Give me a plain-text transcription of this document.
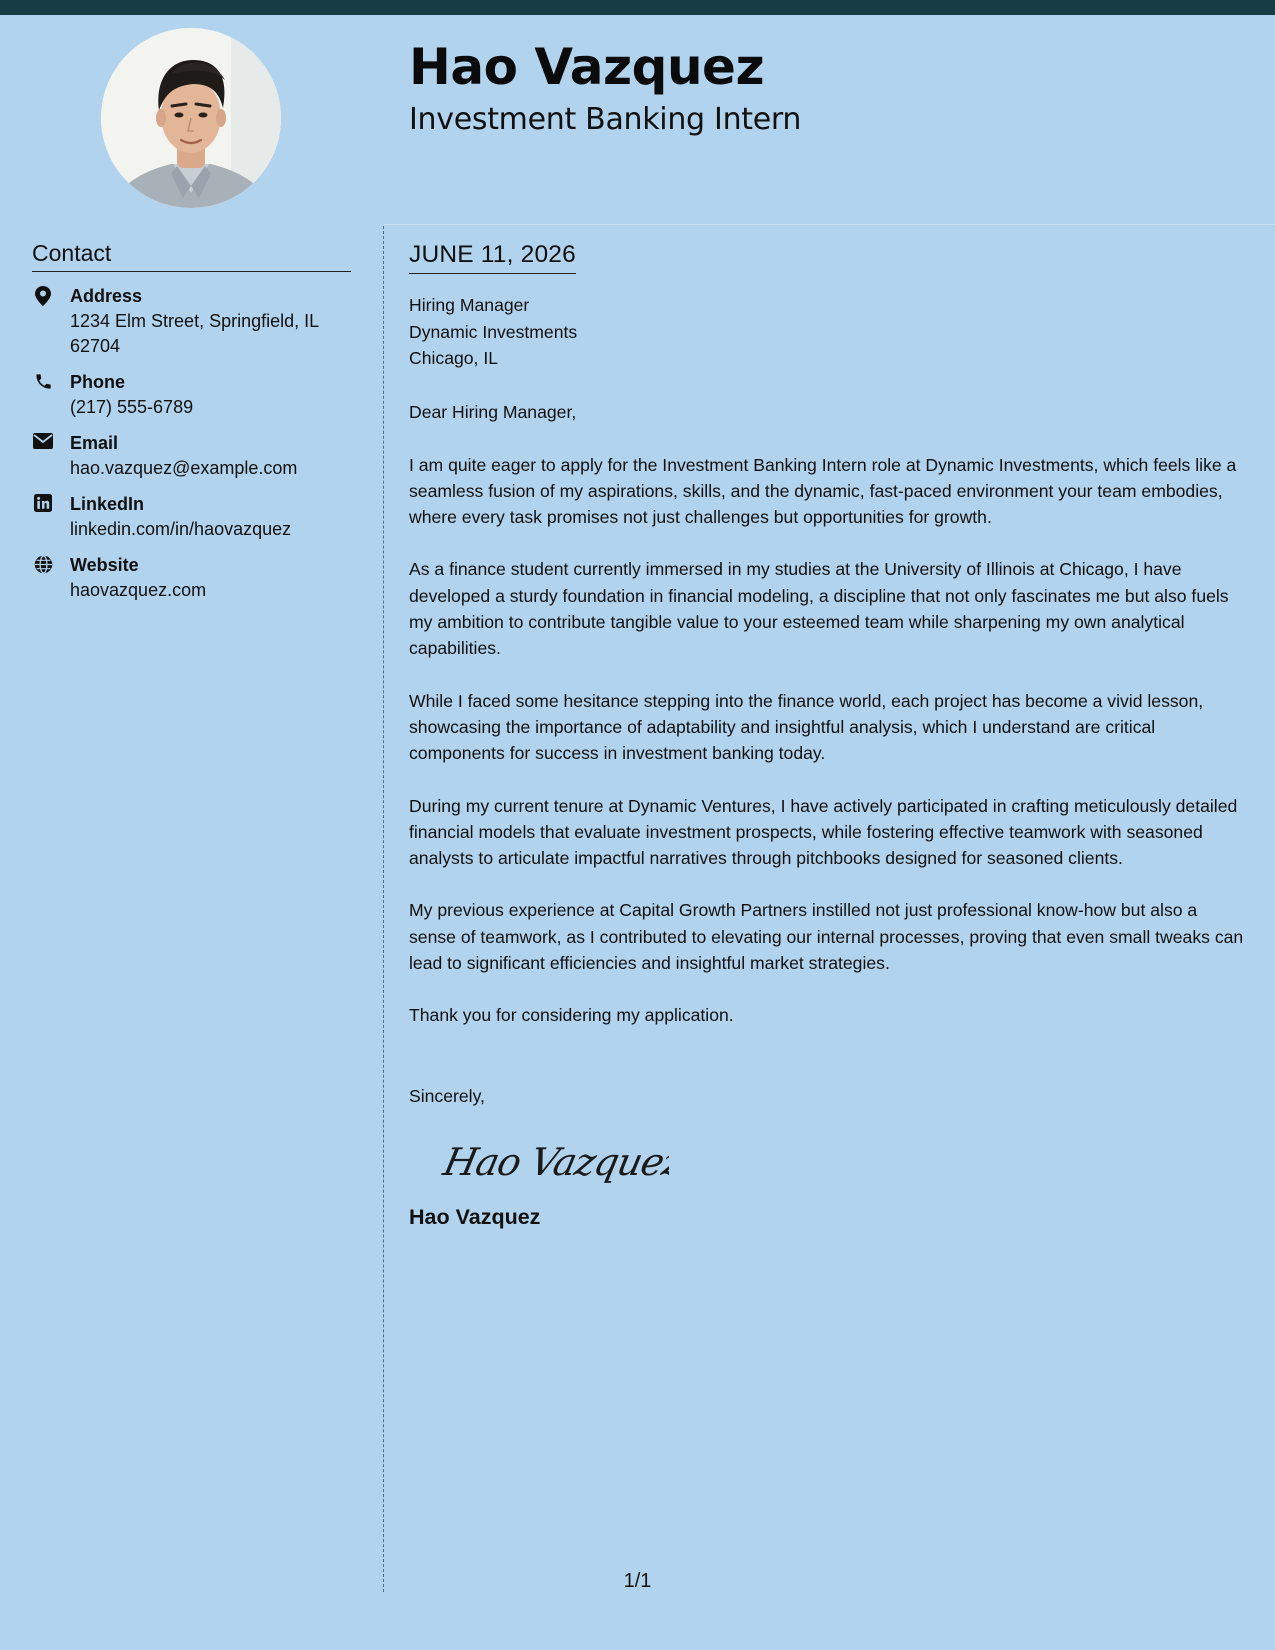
Hao Vazquez
Investment Banking Intern
Contact
Address
1234 Elm Street, Springfield, IL 62704
Phone
(217) 555-6789
Email
hao.vazquez@example.com
LinkedIn
linkedin.com/in/haovazquez
Website
haovazquez.com
JUNE 11, 2026
Hiring Manager
Dynamic Investments
Chicago, IL

Dear Hiring Manager,

I am quite eager to apply for the Investment Banking Intern role at Dynamic Investments, which feels like a seamless fusion of my aspirations, skills, and the dynamic, fast-paced environment your team embodies, where every task promises not just challenges but opportunities for growth.

As a finance student currently immersed in my studies at the University of Illinois at Chicago, I have developed a sturdy foundation in financial modeling, a discipline that not only fascinates me but also fuels my ambition to contribute tangible value to your esteemed team while sharpening my own analytical capabilities.

While I faced some hesitance stepping into the finance world, each project has become a vivid lesson, showcasing the importance of adaptability and insightful analysis, which I understand are critical components for success in investment banking today.

During my current tenure at Dynamic Ventures, I have actively participated in crafting meticulously detailed financial models that evaluate investment prospects, while fostering effective teamwork with seasoned analysts to articulate impactful narratives through pitchbooks designed for seasoned clients.

My previous experience at Capital Growth Partners instilled not just professional know-how but also a sense of teamwork, as I contributed to elevating our internal processes, proving that even small tweaks can lead to significant efficiencies and insightful market strategies.

Thank you for considering my application.

Sincerely,

Hao Vazquez
Hao Vazquez
1/1
